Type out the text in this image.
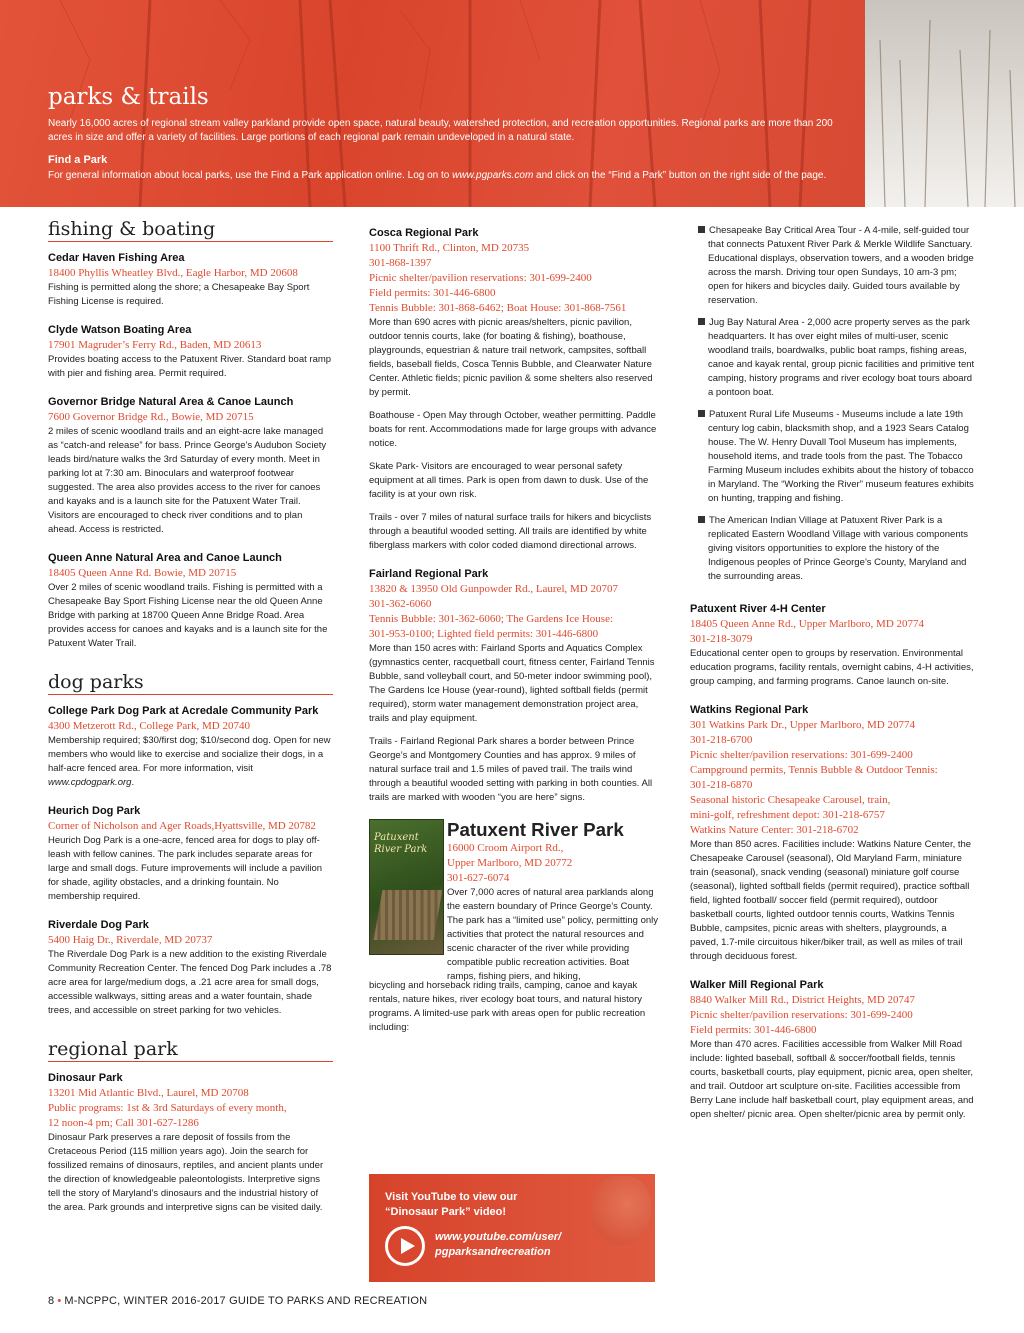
parks & trails
Nearly 16,000 acres of regional stream valley parkland provide open space, natural beauty, watershed protection, and recreation opportunities. Regional parks are more than 200 acres in size and offer a variety of facilities. Large portions of each regional park remain undeveloped in a natural state.
Find a Park
For general information about local parks, use the Find a Park application online. Log on to www.pgparks.com and click on the “Find a Park” button on the right side of the page.
fishing & boating
Cedar Haven Fishing Area
18400 Phyllis Wheatley Blvd., Eagle Harbor, MD 20608
Fishing is permitted along the shore; a Chesapeake Bay Sport Fishing License is required.
Clyde Watson Boating Area
17901 Magruder’s Ferry Rd., Baden, MD 20613
Provides boating access to the Patuxent River. Standard boat ramp with pier and fishing area. Permit required.
Governor Bridge Natural Area & Canoe Launch
7600 Governor Bridge Rd., Bowie, MD 20715
2 miles of scenic woodland trails and an eight-acre lake managed as “catch-and release” for bass. Prince George’s Audubon Society leads bird/nature walks the 3rd Saturday of every month. Meet in parking lot at 7:30 am. Binoculars and waterproof footwear suggested. The area also provides access to the river for canoes and kayaks and is a launch site for the Patuxent Water Trail. Visitors are encouraged to check river conditions and to plan ahead. Access is restricted.
Queen Anne Natural Area and Canoe Launch
18405 Queen Anne Rd. Bowie, MD 20715
Over 2 miles of scenic woodland trails. Fishing is permitted with a Chesapeake Bay Sport Fishing License near the old Queen Anne Bridge with parking at 18700 Queen Anne Bridge Road. Area provides access for canoes and kayaks and is a launch site for the Patuxent Water Trail.
dog parks
College Park Dog Park at Acredale Community Park
4300 Metzerott Rd., College Park, MD 20740
Membership required; $30/first dog; $10/second dog. Open for new members who would like to exercise and socialize their dogs, in a half-acre fenced area. For more information, visit www.cpdogpark.org.
Heurich Dog Park
Corner of Nicholson and Ager Roads,Hyattsville, MD 20782
Heurich Dog Park is a one-acre, fenced area for dogs to play off-leash with fellow canines. The park includes separate areas for large and small dogs. Future improvements will include a pavilion for shade, agility obstacles, and a drinking fountain. No membership required.
Riverdale Dog Park
5400 Haig Dr., Riverdale, MD 20737
The Riverdale Dog Park is a new addition to the existing Riverdale Community Recreation Center. The fenced Dog Park includes a .78 acre area for large/medium dogs, a .21 acre area for small dogs, accessible walkways, sitting areas and a water fountain, shade trees, and accessible on street parking for two vehicles.
regional park
Dinosaur Park
13201 Mid Atlantic Blvd., Laurel, MD 20708
Public programs: 1st & 3rd Saturdays of every month,
12 noon-4 pm; Call 301-627-1286
Dinosaur Park preserves a rare deposit of fossils from the Cretaceous Period (115 million years ago). Join the search for fossilized remains of dinosaurs, reptiles, and ancient plants under the direction of knowledgeable paleontologists. Interpretive signs tell the story of Maryland’s dinosaurs and the industrial history of the area. Park grounds and interpretive signs can be visited daily.
Cosca Regional Park
1100 Thrift Rd., Clinton, MD 20735
301-868-1397
Picnic shelter/pavilion reservations: 301-699-2400
Field permits: 301-446-6800
Tennis Bubble: 301-868-6462; Boat House: 301-868-7561
More than 690 acres with picnic areas/shelters, picnic pavilion, outdoor tennis courts, lake (for boating & fishing), boathouse, playgrounds, equestrian & nature trail network, campsites, softball fields, baseball fields, Cosca Tennis Bubble, and Clearwater Nature Center. Athletic fields; picnic pavilion & some shelters also reserved by permit.
Boathouse - Open May through October, weather permitting. Paddle boats for rent. Accommodations made for large groups with advance notice.
Skate Park- Visitors are encouraged to wear personal safety equipment at all times. Park is open from dawn to dusk. Use of the facility is at your own risk.
Trails - over 7 miles of natural surface trails for hikers and bicyclists through a beautiful wooded setting. All trails are identified by white fiberglass markers with color coded diamond directional arrows.
Fairland Regional Park
13820 & 13950 Old Gunpowder Rd., Laurel, MD 20707
301-362-6060
Tennis Bubble: 301-362-6060; The Gardens Ice House:
301-953-0100; Lighted field permits: 301-446-6800
More than 150 acres with: Fairland Sports and Aquatics Complex (gymnastics center, racquetball court, fitness center, Fairland Tennis Bubble, sand volleyball court, and 50-meter indoor swimming pool), The Gardens Ice House (year-round), lighted softball fields (permit required), storm water management demonstration project area, trails and play equipment.
Trails - Fairland Regional Park shares a border between Prince George’s and Montgomery Counties and has approx. 9 miles of natural surface trail and 1.5 miles of paved trail. The trails wind through a beautiful wooded setting with parking in both counties. All trails are marked with wooden “you are here” signs.
Patuxent River Park
Patuxent River Park
16000 Croom Airport Rd.,
Upper Marlboro, MD 20772
301-627-6074
Over 7,000 acres of natural area parklands along the eastern boundary of Prince George’s County. The park has a “limited use” policy, permitting only activities that protect the natural resources and scenic character of the river while providing compatible public recreation activities. Boat ramps, fishing piers, and hiking,
bicycling and horseback riding trails, camping, canoe and kayak rentals, nature hikes, river ecology boat tours, and natural history programs. A limited-use park with areas open for public recreation including:
Visit YouTube to view our “Dinosaur Park” video!
www.youtube.com/user/
pgparksandrecreation
Chesapeake Bay Critical Area Tour - A 4-mile, self-guided tour that connects Patuxent River Park & Merkle Wildlife Sanctuary. Educational displays, observation towers, and a wooden bridge across the marsh. Driving tour open Sundays, 10 am-3 pm; open for hikers and bicycles daily. Guided tours available by reservation.
Jug Bay Natural Area - 2,000 acre property serves as the park headquarters. It has over eight miles of multi-user, scenic woodland trails, boardwalks, public boat ramps, fishing areas, canoe and kayak rental, group picnic facilities and primitive tent camping, history programs and river ecology boat tours aboard a pontoon boat.
Patuxent Rural Life Museums - Museums include a late 19th century log cabin, blacksmith shop, and a 1923 Sears Catalog house. The W. Henry Duvall Tool Museum has implements, household items, and trade tools from the past. The Tobacco Farming Museum includes exhibits about the history of tobacco in Maryland. The “Working the River” museum features exhibits on hunting, trapping and fishing.
The American Indian Village at Patuxent River Park is a replicated Eastern Woodland Village with various components giving visitors opportunities to explore the history of the Indigenous peoples of Prince George’s County, Maryland and the surrounding areas.
Patuxent River 4-H Center
18405 Queen Anne Rd., Upper Marlboro, MD 20774
301-218-3079
Educational center open to groups by reservation. Environmental education programs, facility rentals, overnight cabins, 4-H activities, group camping, and farming programs. Canoe launch on-site.
Watkins Regional Park
301 Watkins Park Dr., Upper Marlboro, MD 20774
301-218-6700
Picnic shelter/pavilion reservations: 301-699-2400
Campground permits, Tennis Bubble & Outdoor Tennis:
301-218-6870
Seasonal historic Chesapeake Carousel, train,
mini-golf, refreshment depot: 301-218-6757
Watkins Nature Center: 301-218-6702
More than 850 acres. Facilities include: Watkins Nature Center, the Chesapeake Carousel (seasonal), Old Maryland Farm, miniature train (seasonal), snack vending (seasonal) miniature golf course (seasonal), lighted softball fields (permit required), practice softball field, lighted football/ soccer field (permit required), outdoor basketball courts, lighted outdoor tennis courts, Watkins Tennis Bubble, campsites, picnic areas with shelters, playgrounds, a paved, 1.7-mile circuitous hiker/biker trail, as well as miles of trail through deciduous forest.
Walker Mill Regional Park
8840 Walker Mill Rd., District Heights, MD 20747
Picnic shelter/pavilion reservations: 301-699-2400
Field permits: 301-446-6800
More than 470 acres. Facilities accessible from Walker Mill Road include: lighted baseball, softball & soccer/football fields, tennis courts, basketball courts, play equipment, picnic area, open shelter, and trail. Outdoor art sculpture on-site. Facilities accessible from Berry Lane include half basketball court, play equipment areas, and open shelter/ picnic area. Open shelter/picnic area by permit only.
8 • M-NCPPC, WINTER 2016-2017 GUIDE TO PARKS AND RECREATION
